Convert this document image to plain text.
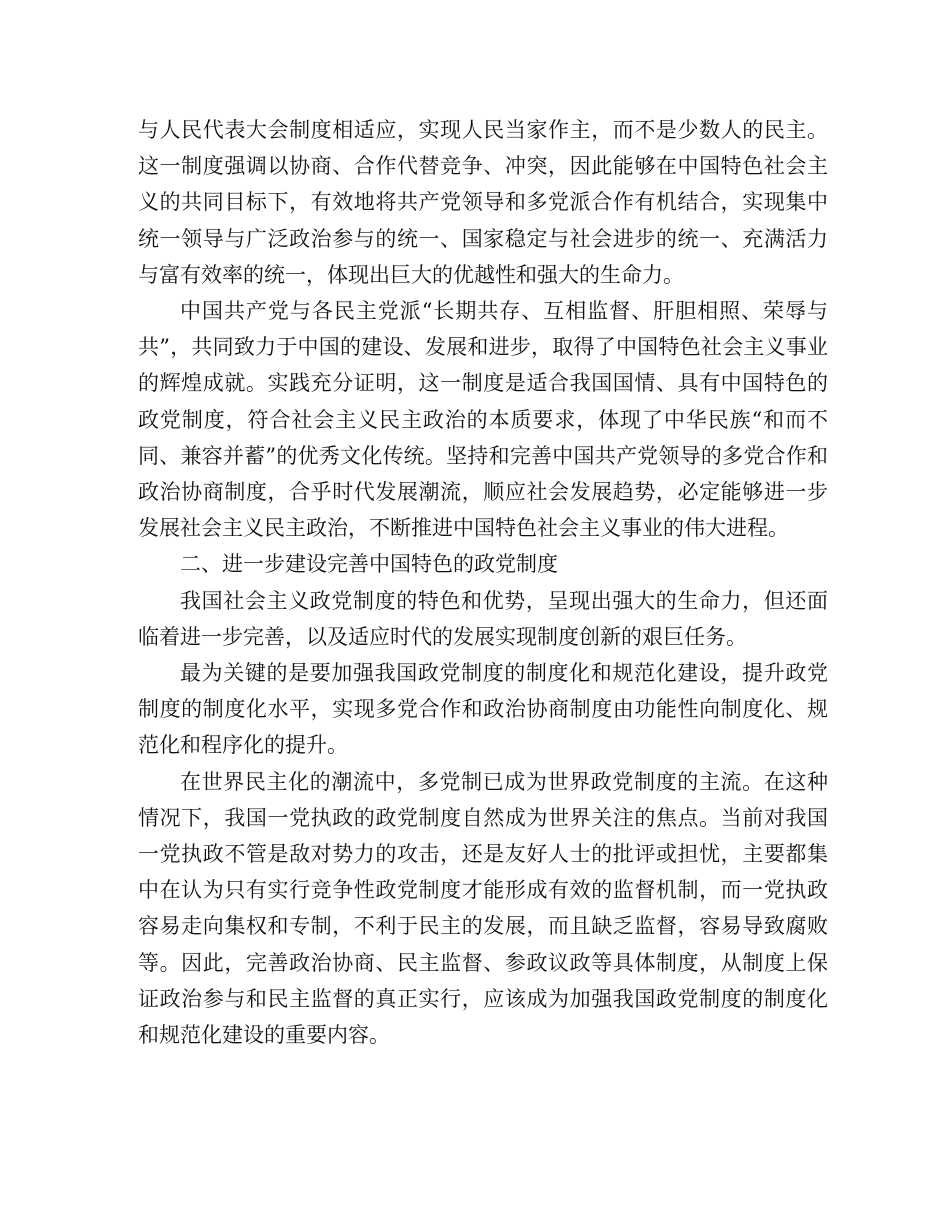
与人民代表大会制度相适应，实现人民当家作主，而不是少数人的民主。这一制度强调以协商、合作代替竞争、冲突，因此能够在中国特色社会主义的共同目标下，有效地将共产党领导和多党派合作有机结合，实现集中统一领导与广泛政治参与的统一、国家稳定与社会进步的统一、充满活力与富有效率的统一，体现出巨大的优越性和强大的生命力。

中国共产党与各民主党派“长期共存、互相监督、肝胆相照、荣辱与共”，共同致力于中国的建设、发展和进步，取得了中国特色社会主义事业的辉煌成就。实践充分证明，这一制度是适合我国国情、具有中国特色的政党制度，符合社会主义民主政治的本质要求，体现了中华民族“和而不同、兼容并蓄”的优秀文化传统。坚持和完善中国共产党领导的多党合作和政治协商制度，合乎时代发展潮流，顺应社会发展趋势，必定能够进一步发展社会主义民主政治，不断推进中国特色社会主义事业的伟大进程。

二、进一步建设完善中国特色的政党制度

我国社会主义政党制度的特色和优势，呈现出强大的生命力，但还面临着进一步完善，以及适应时代的发展实现制度创新的艰巨任务。

最为关键的是要加强我国政党制度的制度化和规范化建设，提升政党制度的制度化水平，实现多党合作和政治协商制度由功能性向制度化、规范化和程序化的提升。

在世界民主化的潮流中，多党制已成为世界政党制度的主流。在这种情况下，我国一党执政的政党制度自然成为世界关注的焦点。当前对我国一党执政不管是敌对势力的攻击，还是友好人士的批评或担忧，主要都集中在认为只有实行竞争性政党制度才能形成有效的监督机制，而一党执政容易走向集权和专制，不利于民主的发展，而且缺乏监督，容易导致腐败等。因此，完善政治协商、民主监督、参政议政等具体制度，从制度上保证政治参与和民主监督的真正实行，应该成为加强我国政党制度的制度化和规范化建设的重要内容。
